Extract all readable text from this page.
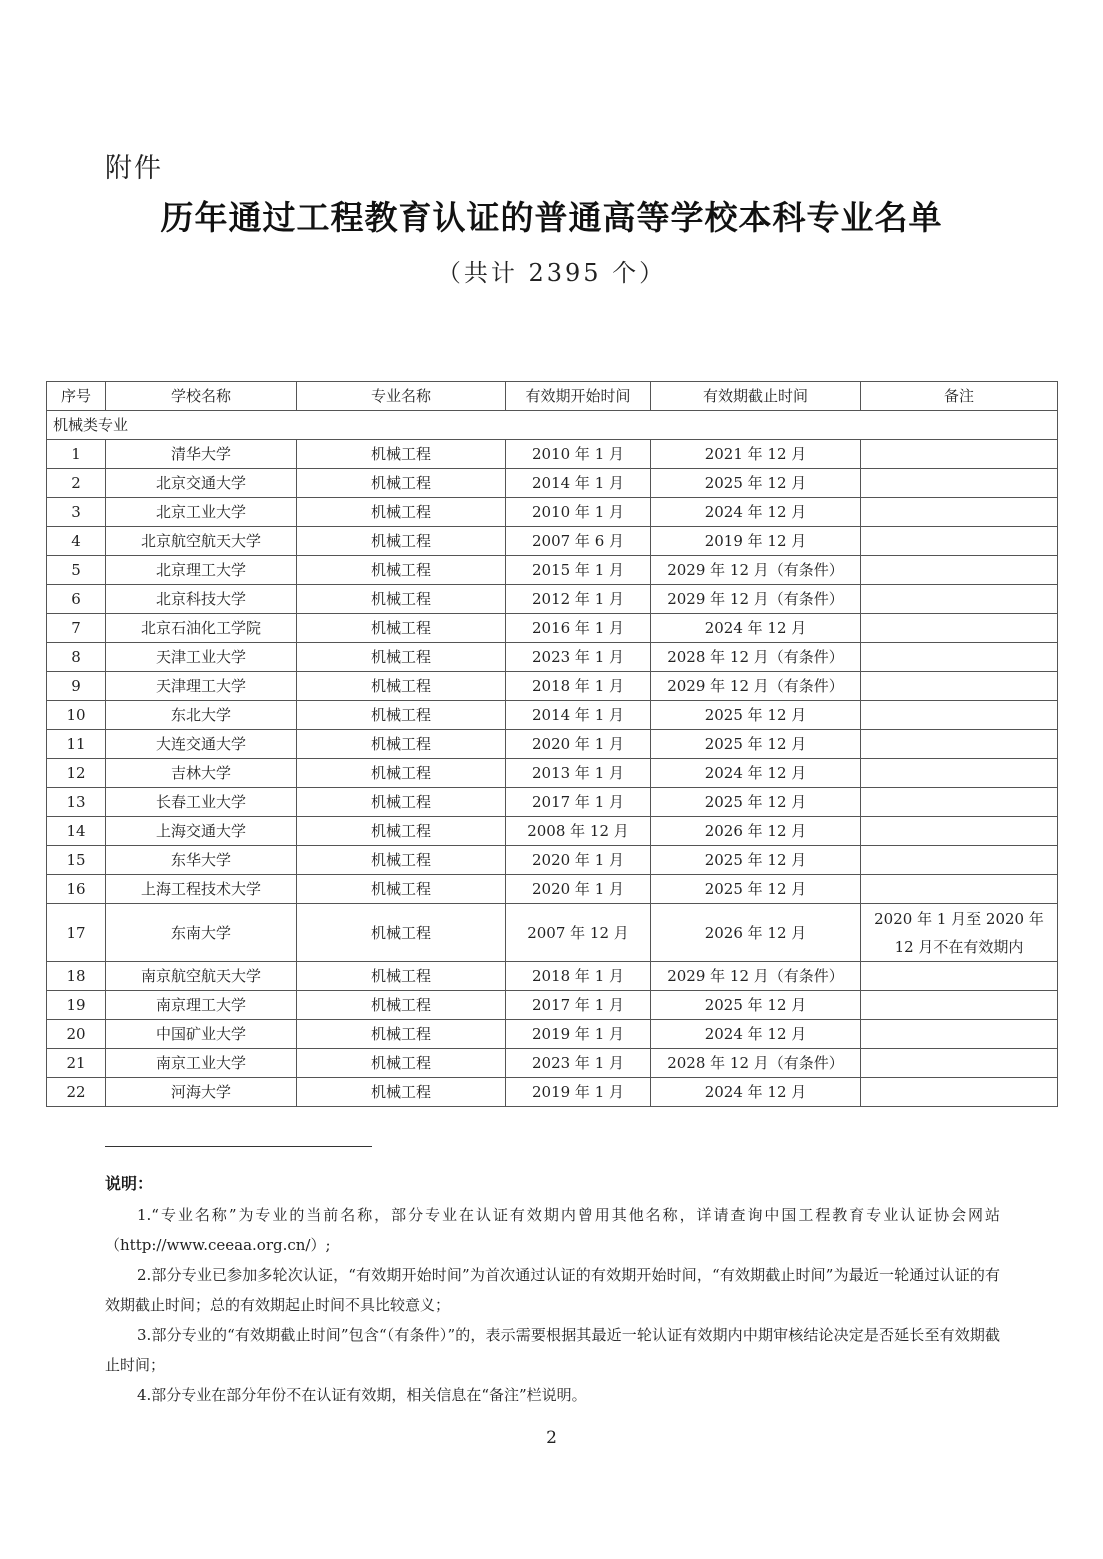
附件
历年通过工程教育认证的普通高等学校本科专业名单
（共计 2395 个）
序号	学校名称	专业名称	有效期开始时间	有效期截止时间	备注
机械类专业					
1	清华大学	机械工程	2010 年 1 月	2021 年 12 月	
2	北京交通大学	机械工程	2014 年 1 月	2025 年 12 月	
3	北京工业大学	机械工程	2010 年 1 月	2024 年 12 月	
4	北京航空航天大学	机械工程	2007 年 6 月	2019 年 12 月	
5	北京理工大学	机械工程	2015 年 1 月	2029 年 12 月（有条件）	
6	北京科技大学	机械工程	2012 年 1 月	2029 年 12 月（有条件）	
7	北京石油化工学院	机械工程	2016 年 1 月	2024 年 12 月	
8	天津工业大学	机械工程	2023 年 1 月	2028 年 12 月（有条件）	
9	天津理工大学	机械工程	2018 年 1 月	2029 年 12 月（有条件）	
10	东北大学	机械工程	2014 年 1 月	2025 年 12 月	
11	大连交通大学	机械工程	2020 年 1 月	2025 年 12 月	
12	吉林大学	机械工程	2013 年 1 月	2024 年 12 月	
13	长春工业大学	机械工程	2017 年 1 月	2025 年 12 月	
14	上海交通大学	机械工程	2008 年 12 月	2026 年 12 月	
15	东华大学	机械工程	2020 年 1 月	2025 年 12 月	
16	上海工程技术大学	机械工程	2020 年 1 月	2025 年 12 月	
17	东南大学	机械工程	2007 年 12 月	2026 年 12 月	2020 年 1 月至 2020 年 12 月不在有效期内
18	南京航空航天大学	机械工程	2018 年 1 月	2029 年 12 月（有条件）	
19	南京理工大学	机械工程	2017 年 1 月	2025 年 12 月	
20	中国矿业大学	机械工程	2019 年 1 月	2024 年 12 月	
21	南京工业大学	机械工程	2023 年 1 月	2028 年 12 月（有条件）	
22	河海大学	机械工程	2019 年 1 月	2024 年 12 月	
说明：

1.“专业名称”为专业的当前名称，部分专业在认证有效期内曾用其他名称，详请查询中国工程教育专业认证协会网站（http://www.ceeaa.org.cn/）;

2.部分专业已参加多轮次认证，“有效期开始时间”为首次通过认证的有效期开始时间，“有效期截止时间”为最近一轮通过认证的有效期截止时间；总的有效期起止时间不具比较意义；

3.部分专业的“有效期截止时间”包含“（有条件）”的，表示需要根据其最近一轮认证有效期内中期审核结论决定是否延长至有效期截止时间；

4.部分专业在部分年份不在认证有效期，相关信息在“备注”栏说明。

2
